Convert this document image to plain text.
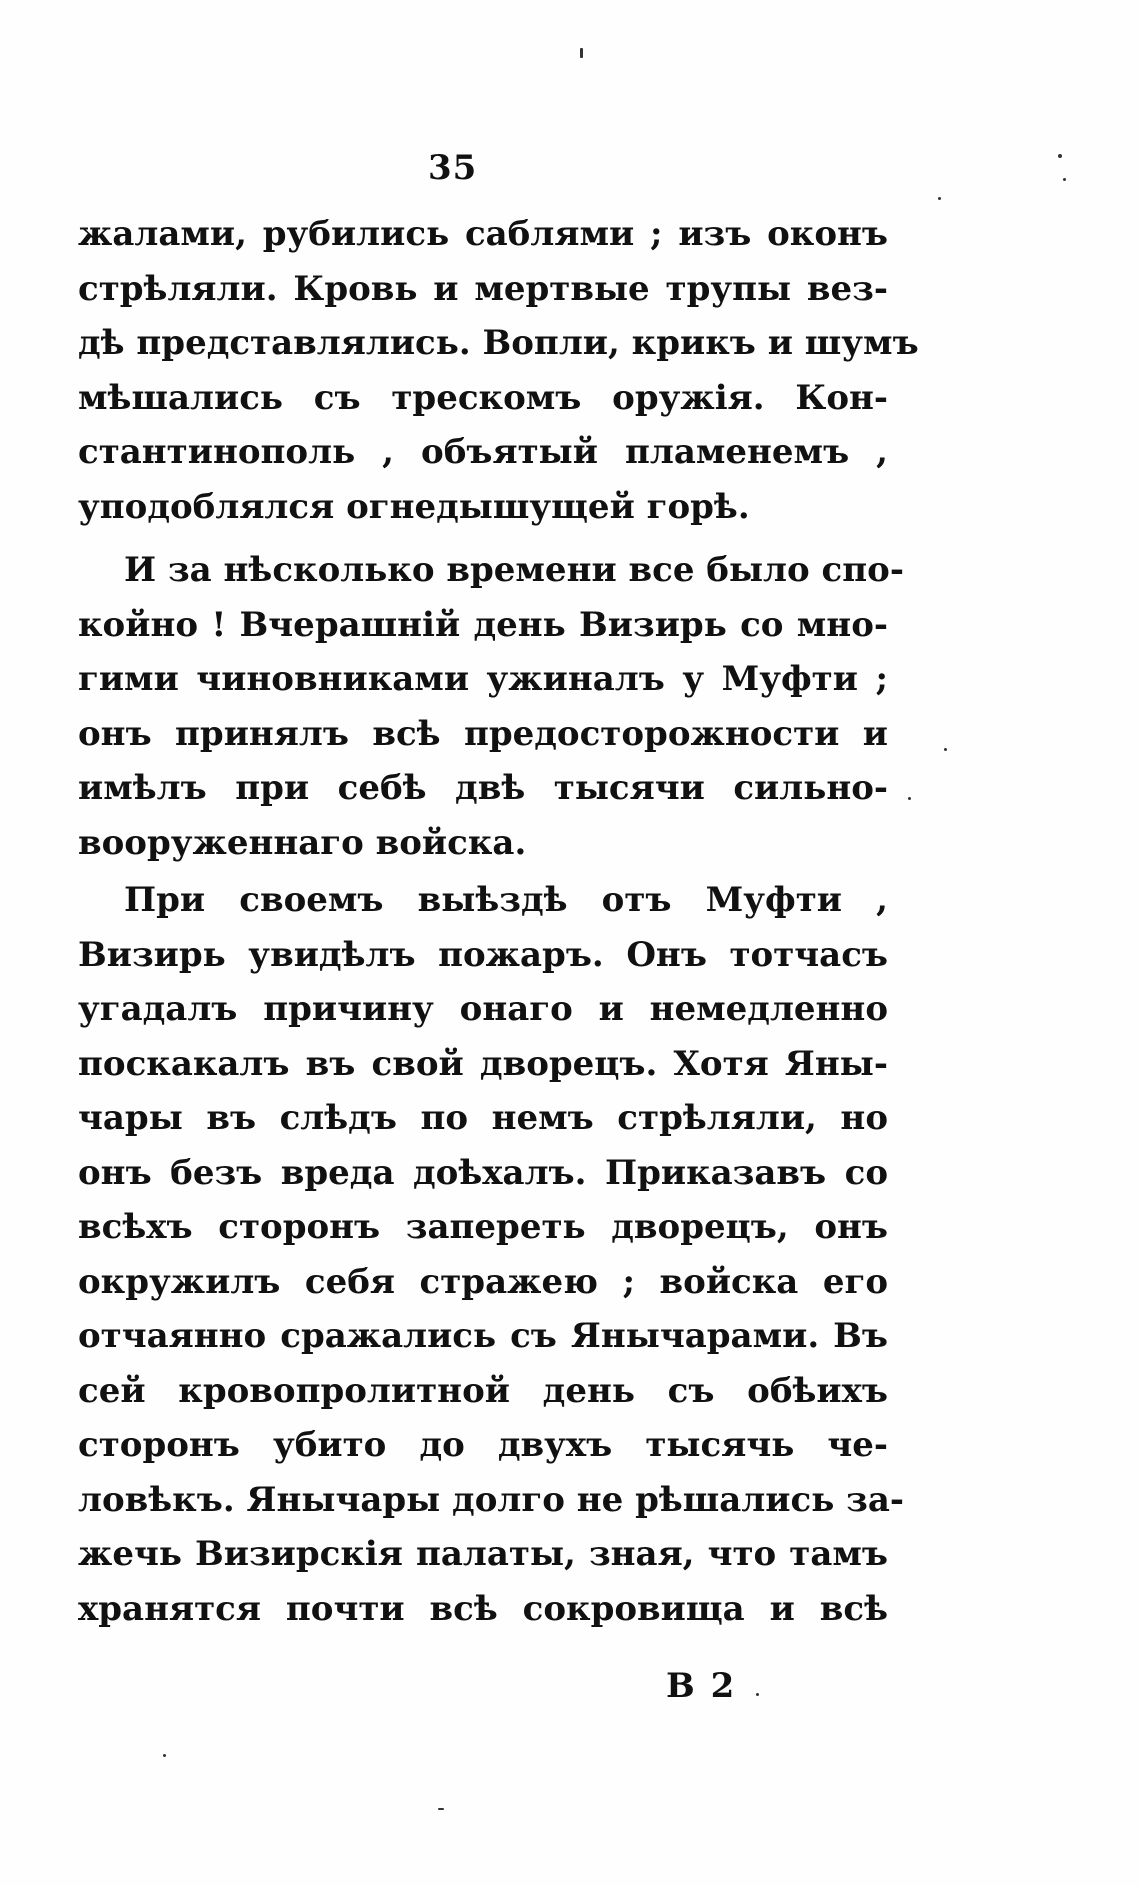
35
жалами, рубились саблями ; изъ оконъ
стрѣляли. Кровь и мертвые трупы вез-
дѣ представлялись. Вопли, крикъ и шумъ
мѣшались съ трескомъ оружія. Кон-
стантинополь , объятый пламенемъ ,
уподоблялся огнедышущей горѣ.
И за нѣсколько времени все было спо-
койно ! Вчерашній день Визирь со мно-
гими чиновниками ужиналъ у Муфти ;
онъ принялъ всѣ предосторожности и
имѣлъ при себѣ двѣ тысячи сильно-
вооруженнаго войска.
При своемъ выѣздѣ отъ Муфти ,
Визирь увидѣлъ пожаръ. Онъ тотчасъ
угадалъ причину онаго и немедленно
поскакалъ въ свой дворецъ. Хотя Яны-
чары въ слѣдъ по немъ стрѣляли, но
онъ безъ вреда доѣхалъ. Приказавъ со
всѣхъ сторонъ запереть дворецъ, онъ
окружилъ себя стражею ; войска его
отчаянно сражались съ Янычарами. Въ
сей кровопролитной день съ обѣихъ
сторонъ убито до двухъ тысячь че-
ловѣкъ. Янычары долго не рѣшались за-
жечь Визирскія палаты, зная, что тамъ
хранятся почти всѣ сокровища и всѣ
В 2
